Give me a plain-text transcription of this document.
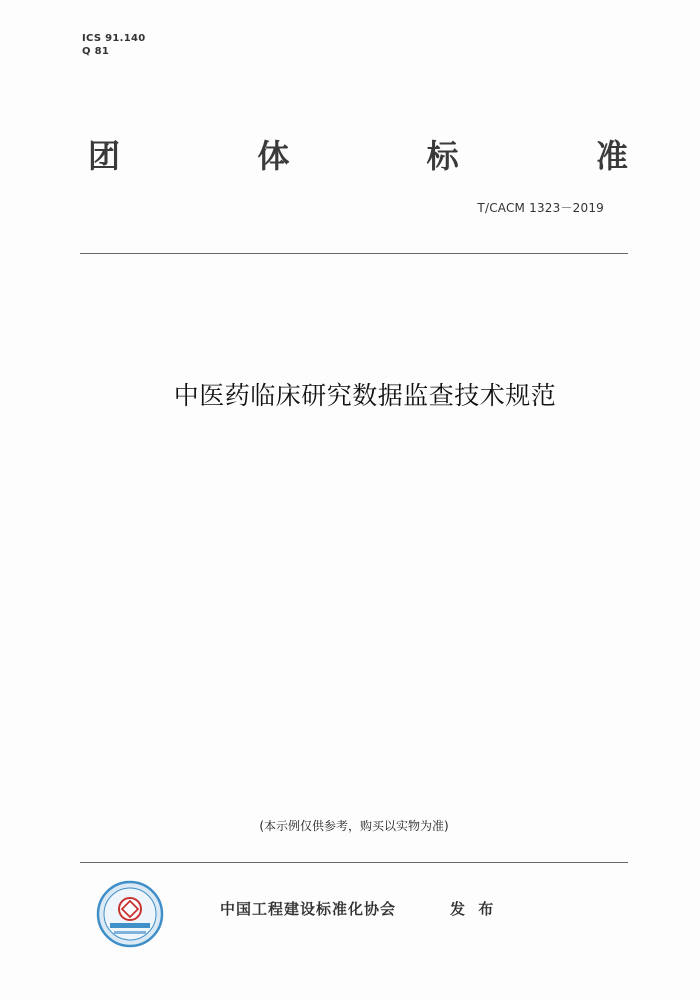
ICS 91.140
Q 81
团	体	标	准
T/CACM 1323－2019
中医药临床研究数据监查技术规范
(本示例仅供参考，购买以实物为准)
中国工程建设标准化协会	发 布
